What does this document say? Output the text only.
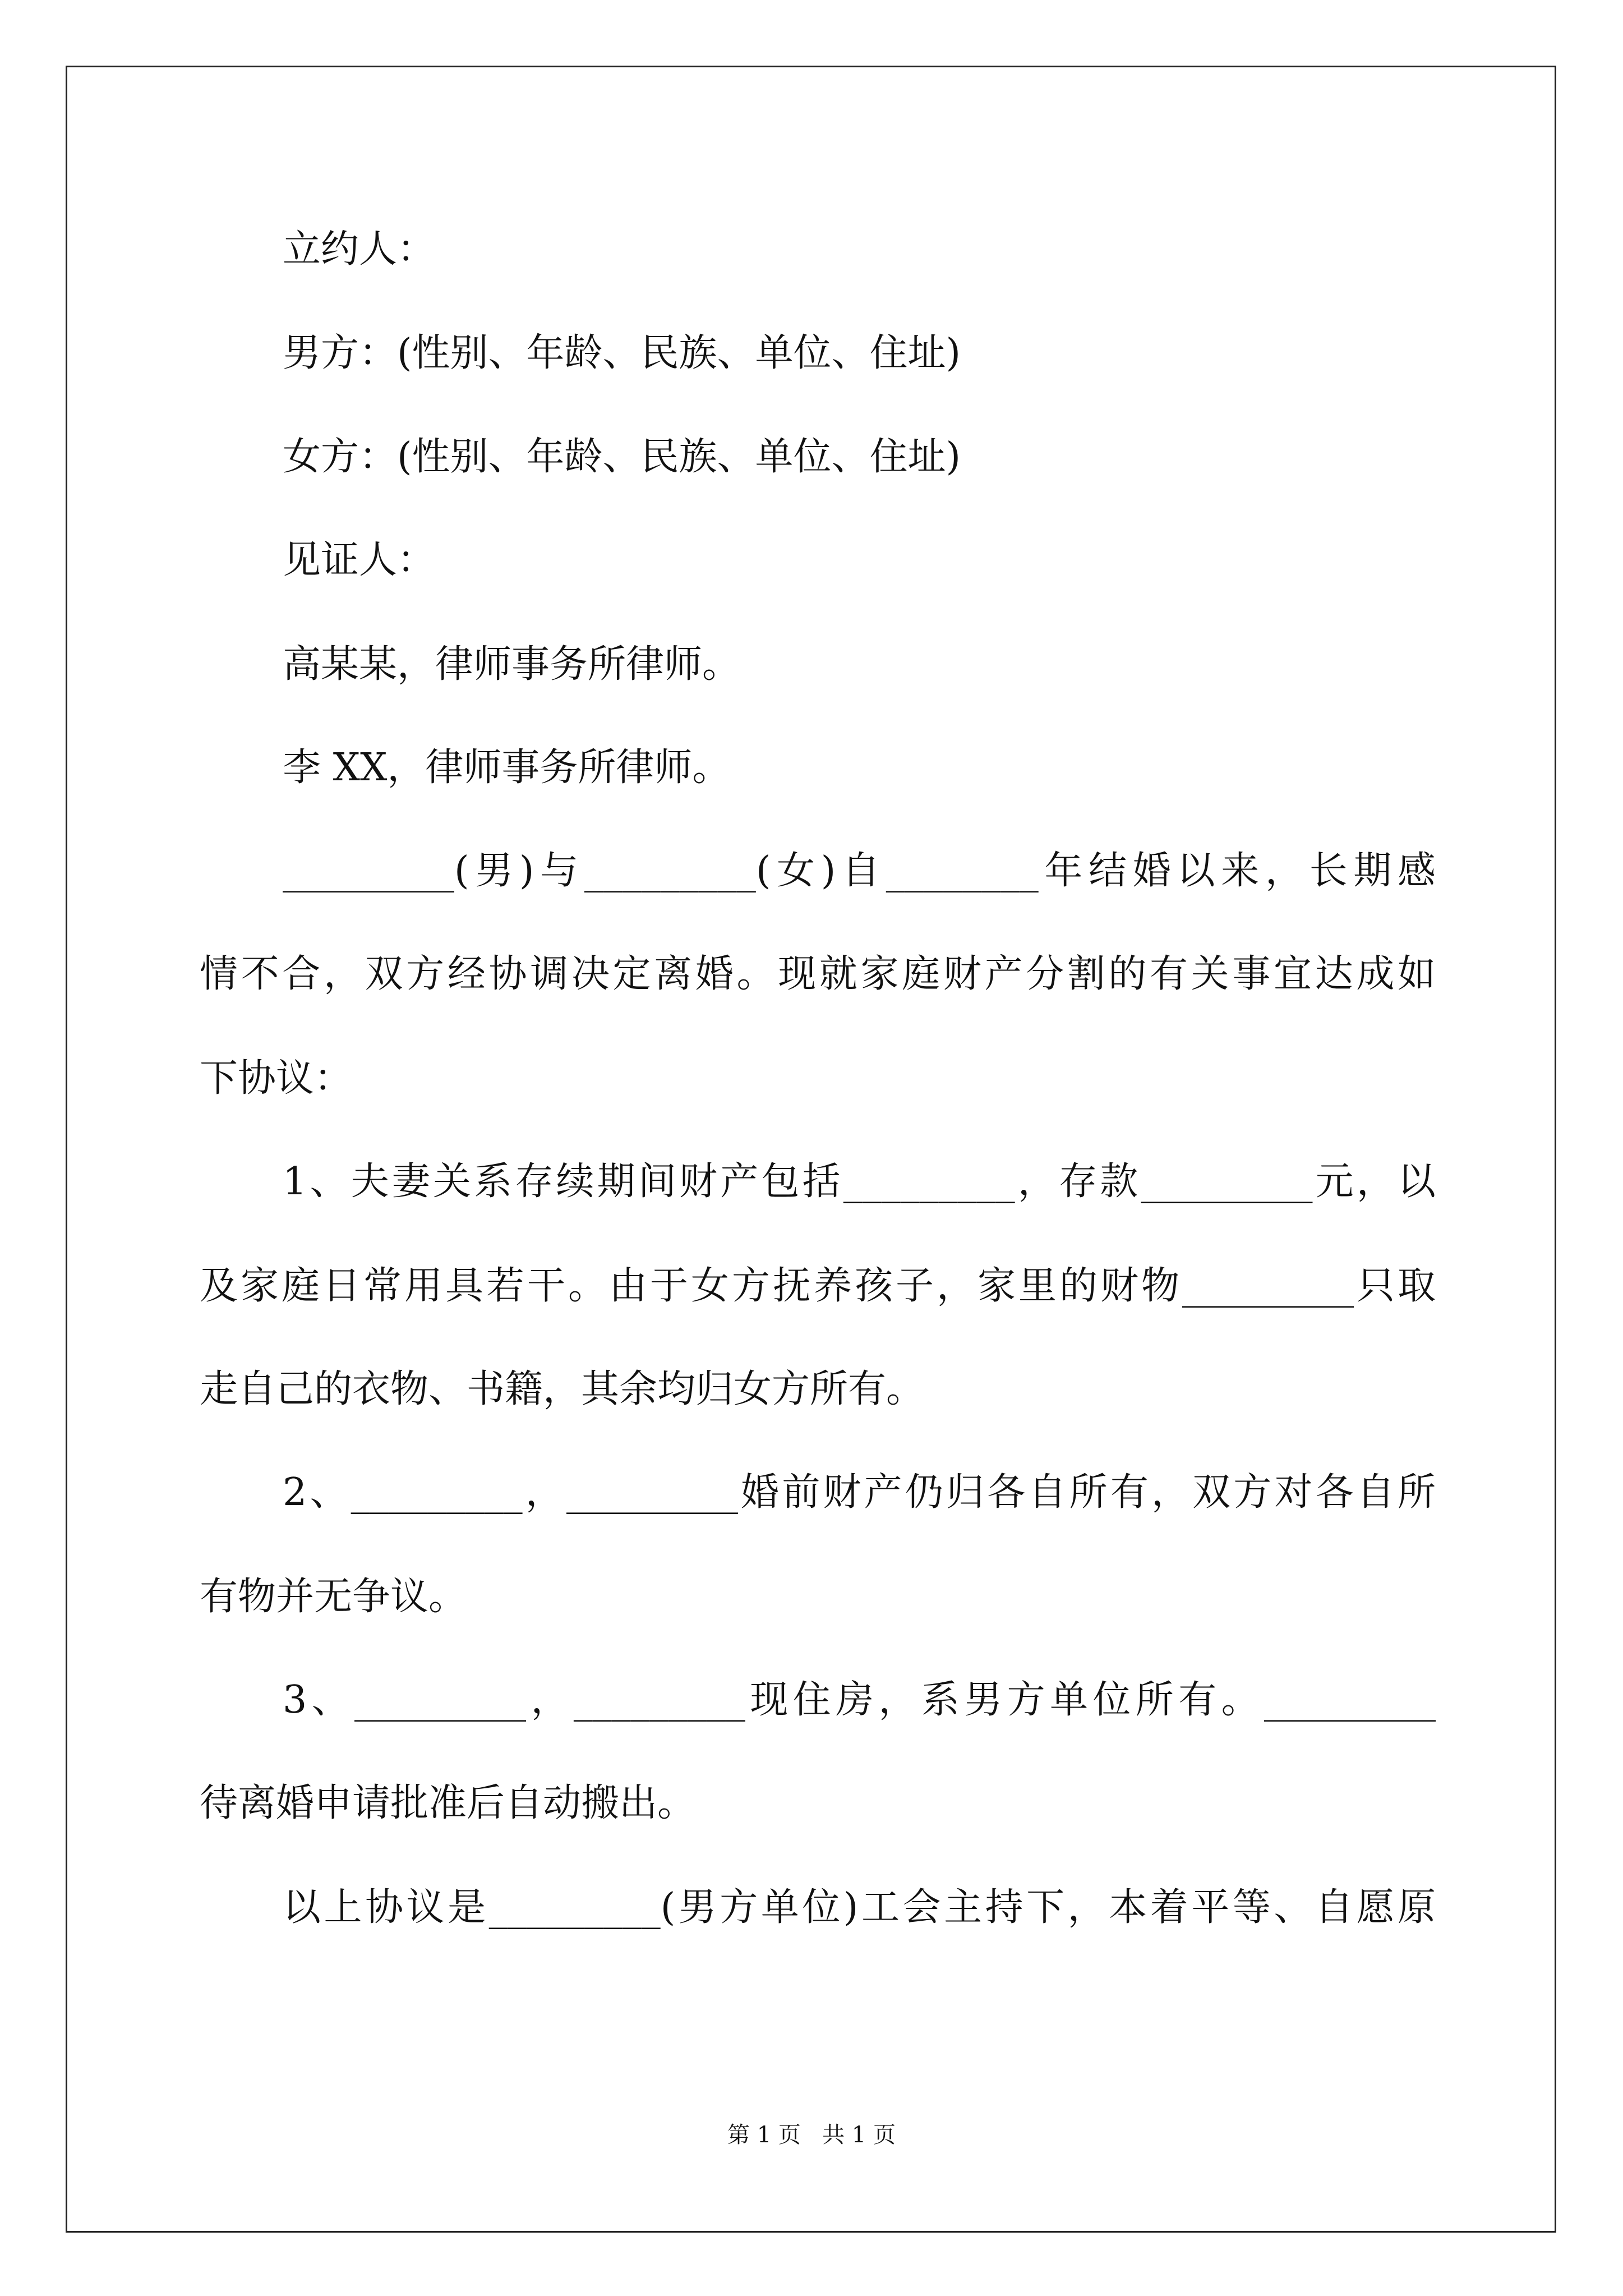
立约人：
男方：(性别、年龄、民族、单位、住址)
女方：(性别、年龄、民族、单位、住址)
见证人：
高某某，律师事务所律师。
李 XX，律师事务所律师。
_________(男)与_________(女)自________年结婚以来，长期感
情不合，双方经协调决定离婚。现就家庭财产分割的有关事宜达成如
下协议：
1、夫妻关系存续期间财产包括_________，存款_________元，以
及家庭日常用具若干。由于女方抚养孩子，家里的财物_________只取
走自己的衣物、书籍，其余均归女方所有。
2、_________，_________婚前财产仍归各自所有，双方对各自所
有物并无争议。
3、_________，_________现住房，系男方单位所有。_________
待离婚申请批准后自动搬出。
以上协议是_________(男方单位)工会主持下，本着平等、自愿原
第 1 页   共 1 页
